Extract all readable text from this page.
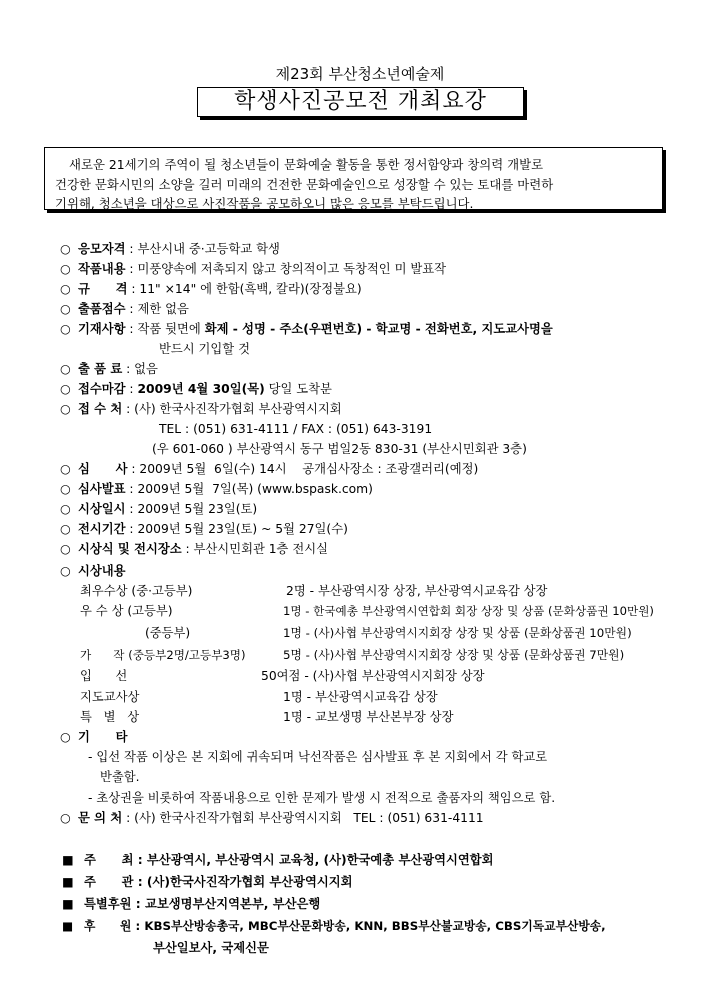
제23회 부산청소년예술제
학생사진공모전 개최요강
새로운 21세기의 주역이 될 청소년들이 문화예술 활동을 통한 정서함양과 창의력 개발로
건강한 문화시민의 소양을 길러 미래의 건전한 문화예술인으로 성장할 수 있는 토대를 마련하
기위해, 청소년을 대상으로 사진작품을 공모하오니 많은 응모를 부탁드립니다.
○ 응모자격 : 부산시내 중·고등학교 학생
○ 작품내용 : 미풍양속에 저촉되지 않고 창의적이고 독창적인 미 발표작
○ 규      격 : 11" ×14" 에 한함(흑백, 칼라)(장정불요)
○ 출품점수 : 제한 없음
○ 기재사항 : 작품 뒷면에 화제 - 성명 - 주소(우편번호) - 학교명 - 전화번호, 지도교사명을
반드시 기입할 것
○ 출 품 료 : 없음
○ 접수마감 : 2009년 4월 30일(목) 당일 도착분
○ 접 수 처 : (사) 한국사진작가협회 부산광역시지회
TEL : (051) 631-4111 / FAX : (051) 643-3191
(우 601-060 ) 부산광역시 동구 범일2동 830-31 (부산시민회관 3층)
○ 심      사 : 2009년 5월  6일(수) 14시    공개심사장소 : 조광갤러리(예정)
○ 심사발표 : 2009년 5월  7일(목) (www.bspask.com)
○ 시상일시 : 2009년 5월 23일(토)
○ 전시기간 : 2009년 5월 23일(토) ~ 5월 27일(수)
○ 시상식 및 전시장소 : 부산시민회관 1층 전시실
○ 시상내용
최우수상 (중·고등부)	2명 - 부산광역시장 상장, 부산광역시교육감 상장
우 수 상 (고등부)	1명 - 한국예총 부산광역시연합회 회장 상장 및 상품 (문화상품권 10만원)
(중등부)	1명 - (사)사협 부산광역시지회장 상장 및 상품 (문화상품권 10만원)
가      작 (중등부2명/고등부3명)	5명 - (사)사협 부산광역시지회장 상장 및 상품 (문화상품권 7만원)
입      선	50여점 - (사)사협 부산광역시지회장 상장
지도교사상	1명 - 부산광역시교육감 상장
특   별   상	1명 - 교보생명 부산본부장 상장
○ 기      타
- 입선 작품 이상은 본 지회에 귀속되며 낙선작품은 심사발표 후 본 지회에서 각 학교로
반출함.
- 초상권을 비롯하여 작품내용으로 인한 문제가 발생 시 전적으로 출품자의 책임으로 함.
○ 문 의 처 : (사) 한국사진작가협회 부산광역시지회   TEL : (051) 631-4111
■ 주      최 : 부산광역시, 부산광역시 교육청, (사)한국예총 부산광역시연합회
■ 주      관 : (사)한국사진작가협회 부산광역시지회
■ 특별후원 : 교보생명부산지역본부, 부산은행
■ 후      원 : KBS부산방송총국, MBC부산문화방송, KNN, BBS부산불교방송, CBS기독교부산방송,
부산일보사, 국제신문
